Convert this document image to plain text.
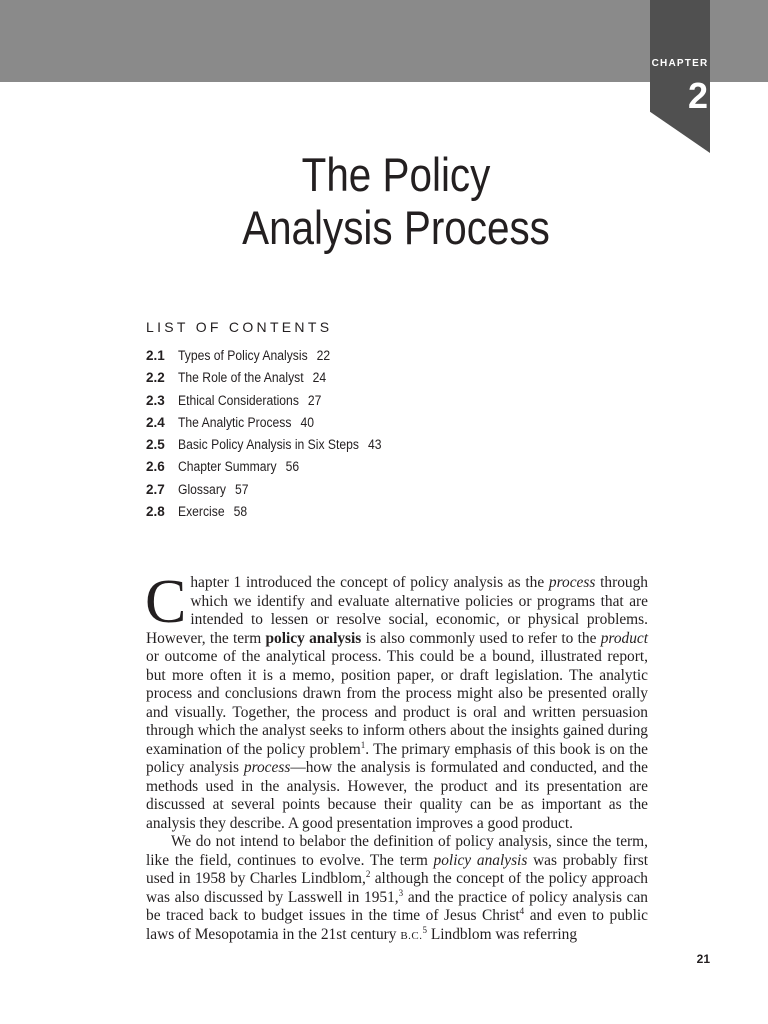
CHAPTER
2
The Policy
Analysis Process
LIST OF CONTENTS
2.1 Types of Policy Analysis 22
2.2 The Role of the Analyst 24
2.3 Ethical Considerations 27
2.4 The Analytic Process 40
2.5 Basic Policy Analysis in Six Steps 43
2.6 Chapter Summary 56
2.7 Glossary 57
2.8 Exercise 58

Chapter 1 introduced the concept of policy analysis as the process through which we identify and evaluate alternative policies or programs that are intended to lessen or resolve social, economic, or physical problems. However, the term policy analysis is also commonly used to refer to the product or outcome of the analytical process. This could be a bound, illustrated report, but more often it is a memo, position paper, or draft legislation. The analytic process and conclusions drawn from the process might also be presented orally and visually. Together, the process and product is oral and written persuasion through which the analyst seeks to inform others about the insights gained during examination of the policy problem$^1$. The primary emphasis of this book is on the policy analysis process—how the analysis is formulated and conducted, and the methods used in the analysis. However, the product and its presentation are discussed at several points because their quality can be as important as the analysis they describe. A good presentation improves a good product.

We do not intend to belabor the definition of policy analysis, since the term, like the field, continues to evolve. The term policy analysis was probably first used in 1958 by Charles Lindblom,$^2$ although the concept of the policy approach was also discussed by Lasswell in 1951,$^3$ and the practice of policy analysis can be traced back to budget issues in the time of Jesus Christ$^4$ and even to public laws of Mesopotamia in the 21st century B.C.$^5$ Lindblom was referring

21
